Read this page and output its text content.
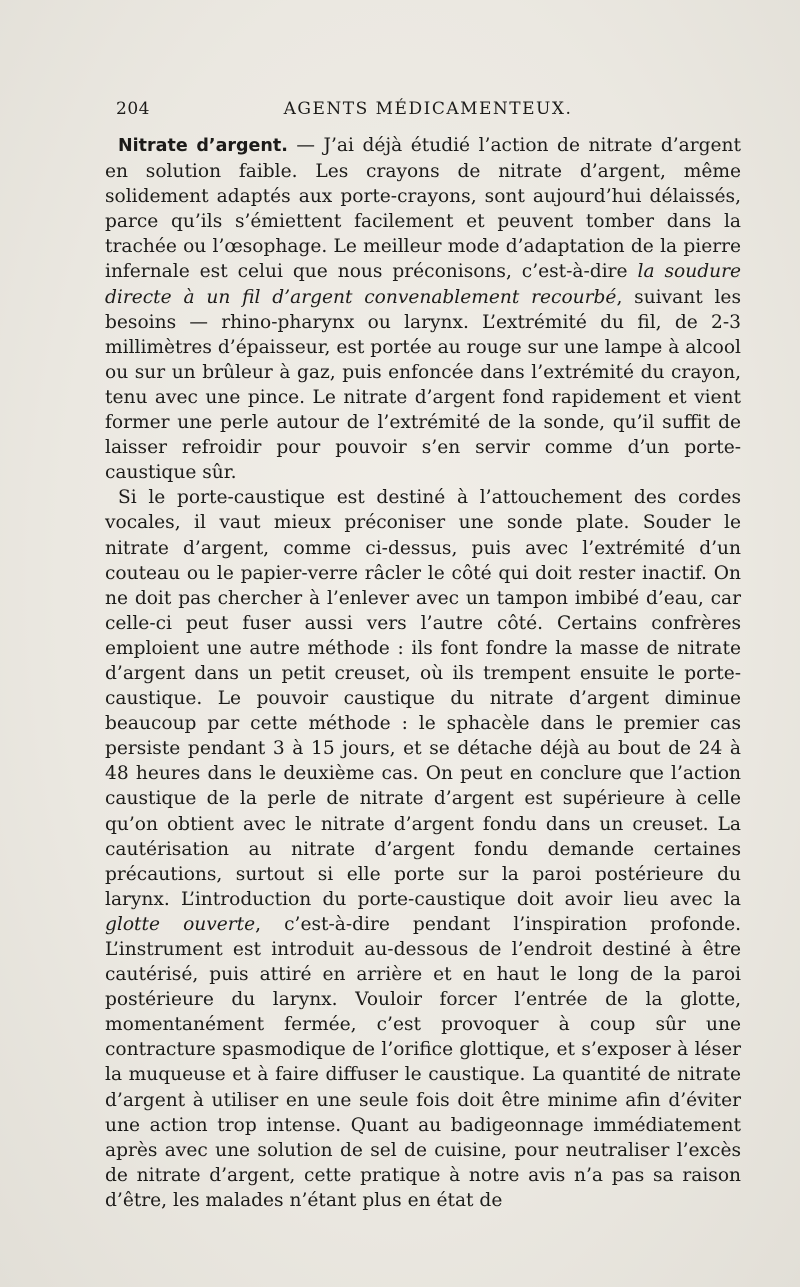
204	AGENTS MÉDICAMENTEUX.

Nitrate d’argent. — J’ai déjà étudié l’action de nitrate d’argent en solution faible. Les crayons de nitrate d’argent, même solidement adaptés aux porte-crayons, sont aujourd’hui délaissés, parce qu’ils s’émiettent facilement et peuvent tomber dans la trachée ou l’œsophage. Le meilleur mode d’adaptation de la pierre infernale est celui que nous préconisons, c’est-à-dire la soudure directe à un fil d’argent convenablement recourbé, suivant les besoins — rhino-pharynx ou larynx. L’extrémité du fil, de 2-3 millimètres d’épaisseur, est portée au rouge sur une lampe à alcool ou sur un brûleur à gaz, puis enfoncée dans l’extrémité du crayon, tenu avec une pince. Le nitrate d’argent fond rapidement et vient former une perle autour de l’extrémité de la sonde, qu’il suffit de laisser refroidir pour pouvoir s’en servir comme d’un porte-caustique sûr.

Si le porte-caustique est destiné à l’attouchement des cordes vocales, il vaut mieux préconiser une sonde plate. Souder le nitrate d’argent, comme ci-dessus, puis avec l’extrémité d’un couteau ou le papier-verre râcler le côté qui doit rester inactif. On ne doit pas chercher à l’enlever avec un tampon imbibé d’eau, car celle-ci peut fuser aussi vers l’autre côté. Certains confrères emploient une autre méthode : ils font fondre la masse de nitrate d’argent dans un petit creuset, où ils trempent ensuite le porte-caustique. Le pouvoir caustique du nitrate d’argent diminue beaucoup par cette méthode : le sphacèle dans le premier cas persiste pendant 3 à 15 jours, et se détache déjà au bout de 24 à 48 heures dans le deuxième cas. On peut en conclure que l’action caustique de la perle de nitrate d’argent est supérieure à celle qu’on obtient avec le nitrate d’argent fondu dans un creuset. La cautérisation au nitrate d’argent fondu demande certaines précautions, surtout si elle porte sur la paroi postérieure du larynx. L’introduction du porte-caustique doit avoir lieu avec la glotte ouverte, c’est-à-dire pendant l’inspiration profonde. L’instrument est introduit au-dessous de l’endroit destiné à être cautérisé, puis attiré en arrière et en haut le long de la paroi postérieure du larynx. Vouloir forcer l’entrée de la glotte, momentanément fermée, c’est provoquer à coup sûr une contracture spasmodique de l’orifice glottique, et s’exposer à léser la muqueuse et à faire diffuser le caustique. La quantité de nitrate d’argent à utiliser en une seule fois doit être minime afin d’éviter une action trop intense. Quant au badigeonnage immédiatement après avec une solution de sel de cuisine, pour neutraliser l’excès de nitrate d’argent, cette pratique à notre avis n’a pas sa raison d’être, les malades n’étant plus en état de
